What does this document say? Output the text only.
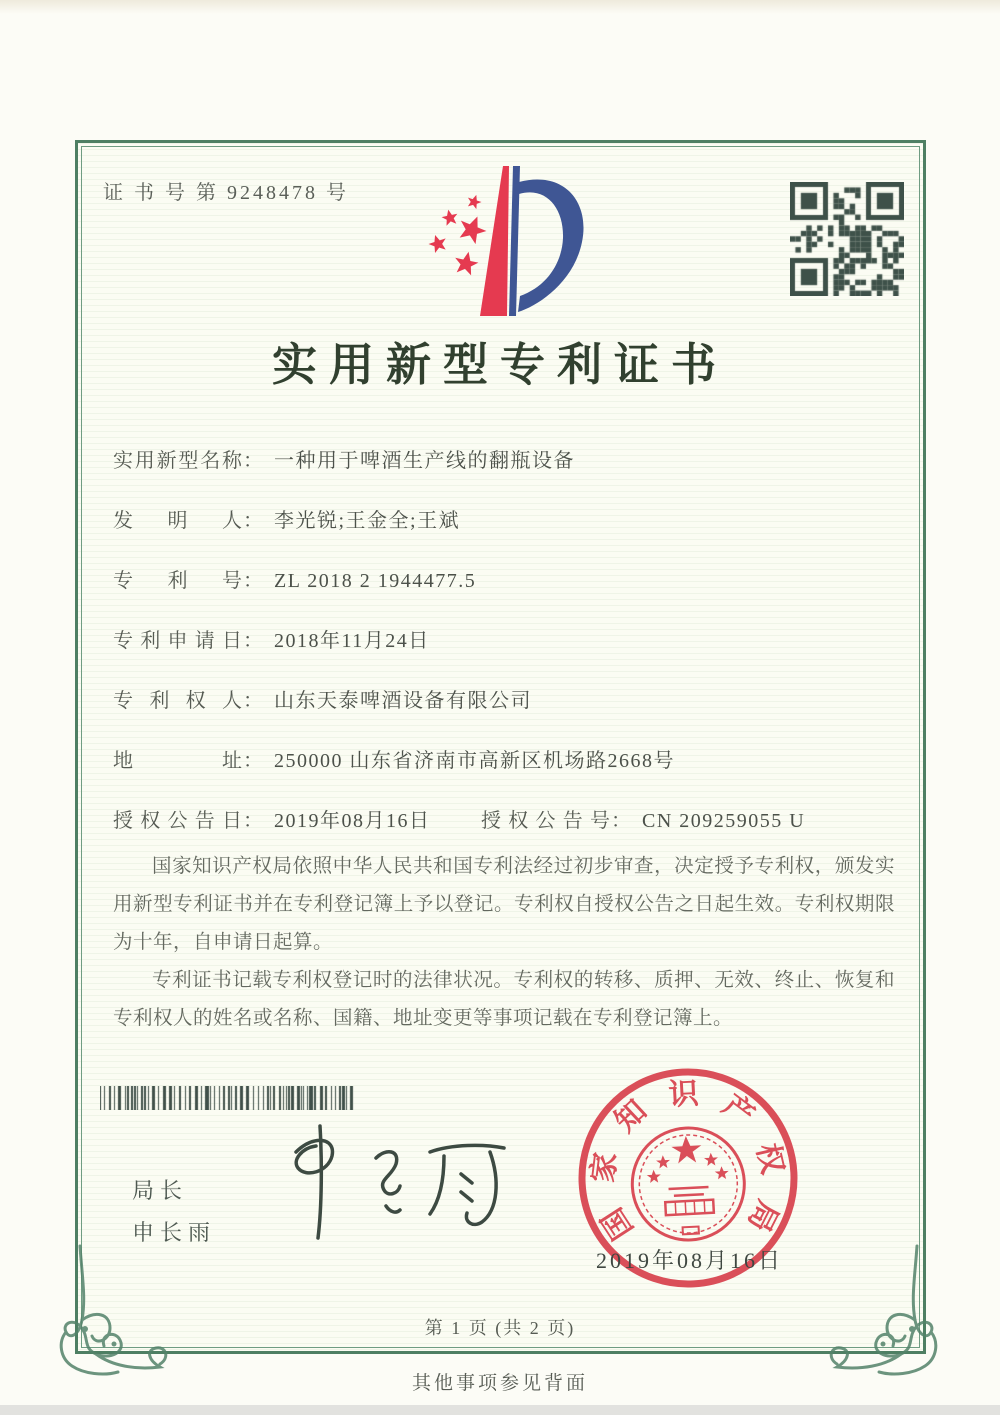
证 书 号 第 9248478 号
实用新型专利证书
实用新型名称： 一种用于啤酒生产线的翻瓶设备
发明人： 李光锐;王金全;王斌
专利号： ZL 2018 2 1944477.5
专利申请日： 2018年11月24日
专利权人： 山东天泰啤酒设备有限公司
地址： 250000 山东省济南市高新区机场路2668号
授权公告日： 2019年08月16日	授权公告号： CN 209259055 U

国家知识产权局依照中华人民共和国专利法经过初步审查，决定授予专利权，颁发实用新型专利证书并在专利登记簿上予以登记。专利权自授权公告之日起生效。专利权期限为十年，自申请日起算。

专利证书记载专利权登记时的法律状况。专利权的转移、质押、无效、终止、恢复和专利权人的姓名或名称、国籍、地址变更等事项记载在专利登记簿上。

局长
申长雨	国
家
知 识 产
权
局
2019年08月16日
第 1 页 (共 2 页)
其他事项参见背面
